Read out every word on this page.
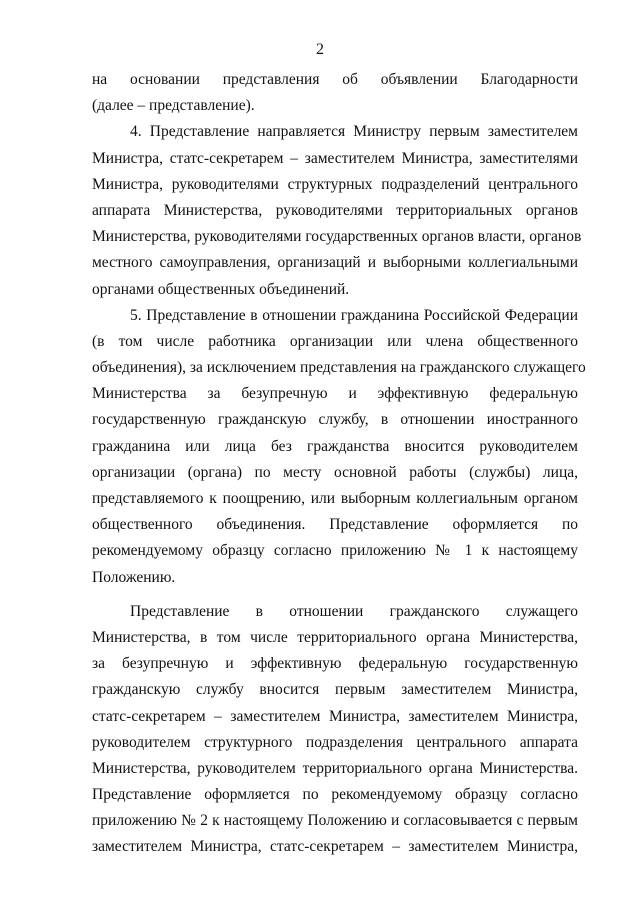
2
на основании представления об объявлении Благодарности
(далее – представление).
4. Представление направляется Министру первым заместителем
Министра, статс-секретарем – заместителем Министра, заместителями
Министра, руководителями структурных подразделений центрального
аппарата Министерства, руководителями территориальных органов
Министерства, руководителями государственных органов власти, органов
местного самоуправления, организаций и выборными коллегиальными
органами общественных объединений.
5. Представление в отношении гражданина Российской Федерации
(в том числе работника организации или члена общественного
объединения), за исключением представления на гражданского служащего
Министерства за безупречную и эффективную федеральную
государственную гражданскую службу, в отношении иностранного
гражданина или лица без гражданства вносится руководителем
организации (органа) по месту основной работы (службы) лица,
представляемого к поощрению, или выборным коллегиальным органом
общественного объединения. Представление оформляется по
рекомендуемому образцу согласно приложению № 1 к настоящему
Положению.
Представление в отношении гражданского служащего
Министерства, в том числе территориального органа Министерства,
за безупречную и эффективную федеральную государственную
гражданскую службу вносится первым заместителем Министра,
статс-секретарем – заместителем Министра, заместителем Министра,
руководителем структурного подразделения центрального аппарата
Министерства, руководителем территориального органа Министерства.
Представление оформляется по рекомендуемому образцу согласно
приложению № 2 к настоящему Положению и согласовывается с первым
заместителем Министра, статс-секретарем – заместителем Министра,
